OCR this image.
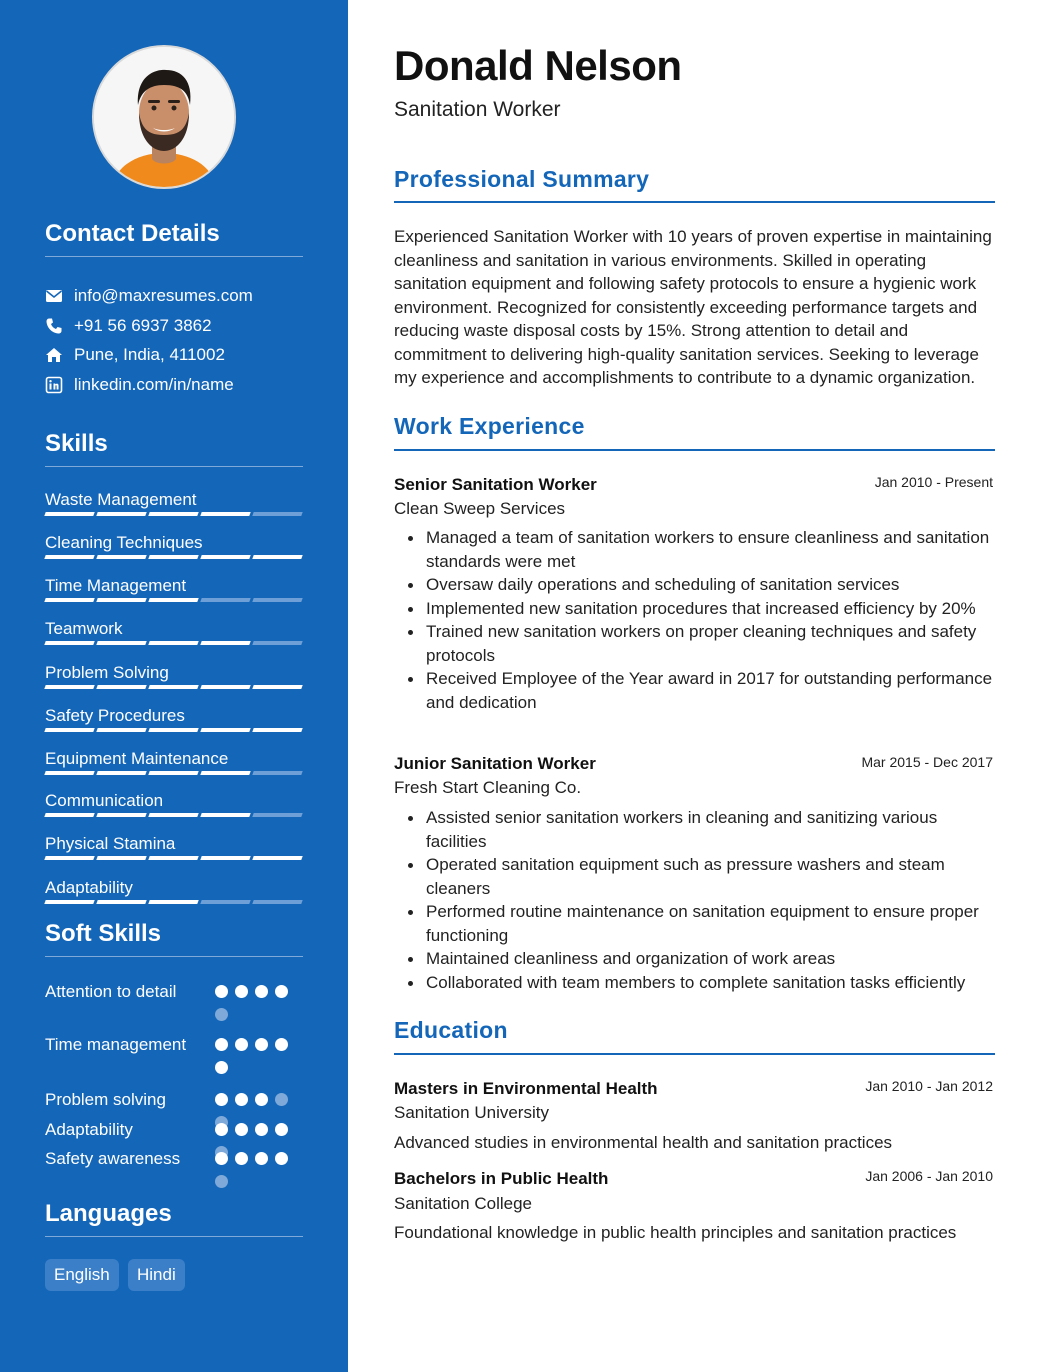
Contact Details
info@maxresumes.com
+91 56 6937 3862
Pune, India, 411002
linkedin.com/in/name
Skills
Waste Management
Cleaning Techniques
Time Management
Teamwork
Problem Solving
Safety Procedures
Equipment Maintenance
Communication
Physical Stamina
Adaptability
Soft Skills
Attention to detail
Time management
Problem solving
Adaptability
Safety awareness
Languages
English	Hindi
Donald Nelson
Sanitation Worker
Professional Summary

Experienced Sanitation Worker with 10 years of proven expertise in maintaining cleanliness and sanitation in various environments. Skilled in operating sanitation equipment and following safety protocols to ensure a hygienic work environment. Recognized for consistently exceeding performance targets and reducing waste disposal costs by 15%. Strong attention to detail and commitment to delivering high-quality sanitation services. Seeking to leverage my experience and accomplishments to contribute to a dynamic organization.

Work Experience
Senior Sanitation Worker	Jan 2010 - Present
Clean Sweep Services
Managed a team of sanitation workers to ensure cleanliness and sanitation standards were met
Oversaw daily operations and scheduling of sanitation services
Implemented new sanitation procedures that increased efficiency by 20%
Trained new sanitation workers on proper cleaning techniques and safety protocols
Received Employee of the Year award in 2017 for outstanding performance and dedication
Junior Sanitation Worker	Mar 2015 - Dec 2017
Fresh Start Cleaning Co.
Assisted senior sanitation workers in cleaning and sanitizing various facilities
Operated sanitation equipment such as pressure washers and steam cleaners
Performed routine maintenance on sanitation equipment to ensure proper functioning
Maintained cleanliness and organization of work areas
Collaborated with team members to complete sanitation tasks efficiently
Education
Masters in Environmental Health	Jan 2010 - Jan 2012
Sanitation University

Advanced studies in environmental health and sanitation practices

Bachelors in Public Health	Jan 2006 - Jan 2010
Sanitation College

Foundational knowledge in public health principles and sanitation practices
